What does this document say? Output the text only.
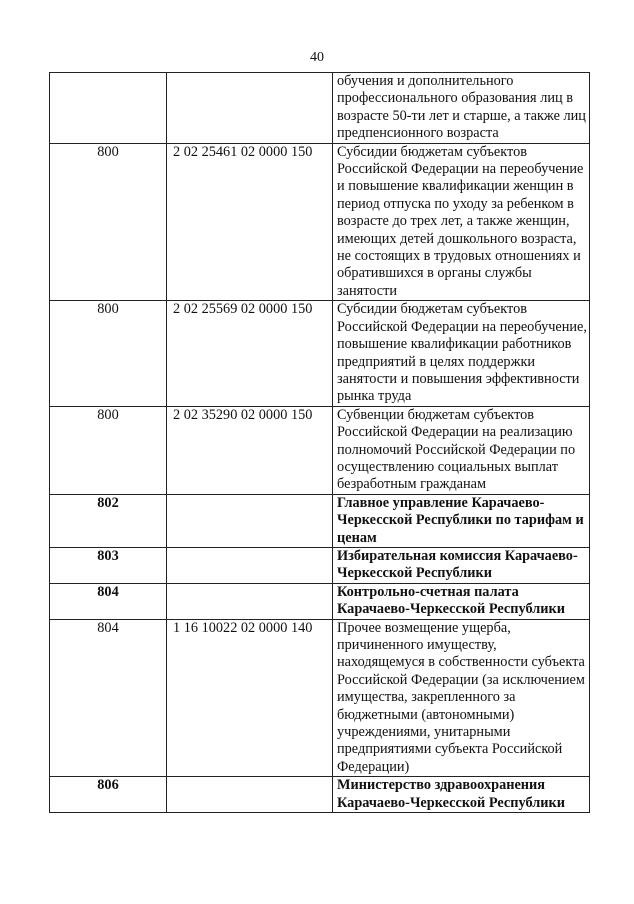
40
		обучения и дополнительного профессионального образования лиц в возрасте 50-ти лет и старше, а также лиц предпенсионного возраста
800	2 02 25461 02 0000 150	Субсидии бюджетам субъектов Российской Федерации на переобучение и повышение квалификации женщин в период отпуска по уходу за ребенком в возрасте до трех лет, а также женщин, имеющих детей дошкольного возраста, не состоящих в трудовых отношениях и обратившихся в органы службы занятости
800	2 02 25569 02 0000 150	Субсидии бюджетам субъектов Российской Федерации на переобучение, повышение квалификации работников предприятий в целях поддержки занятости и повышения эффективности рынка труда
800	2 02 35290 02 0000 150	Субвенции бюджетам субъектов Российской Федерации на реализацию полномочий Российской Федерации по осуществлению социальных выплат безработным гражданам
802		Главное управление Карачаево-Черкесской Республики по тарифам и ценам
803		Избирательная комиссия Карачаево-Черкесской Республики
804		Контрольно-счетная палата Карачаево-Черкесской Республики
804	1 16 10022 02 0000 140	Прочее возмещение ущерба, причиненного имуществу, находящемуся в собственности субъекта Российской Федерации (за исключением имущества, закрепленного за бюджетными (автономными) учреждениями, унитарными предприятиями субъекта Российской Федерации)
806		Министерство здравоохранения Карачаево-Черкесской Республики
